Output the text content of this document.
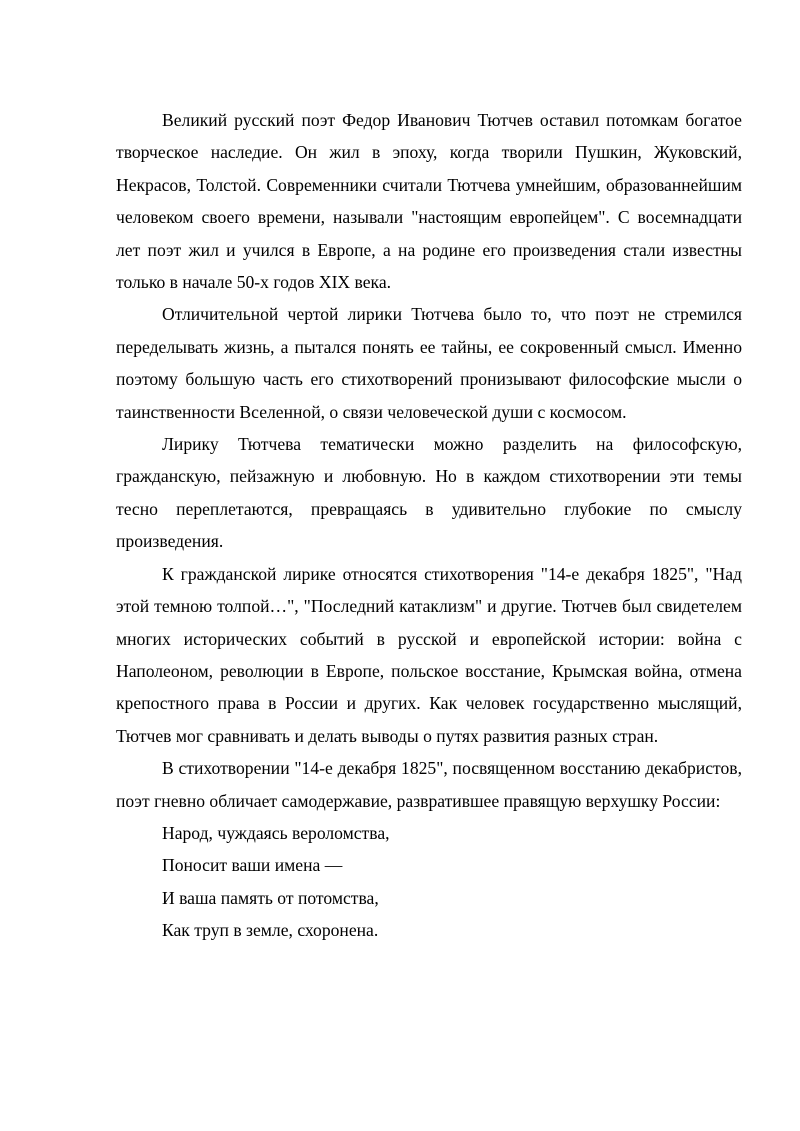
Великий русский поэт Федор Иванович Тютчев оставил потомкам богатое творческое наследие. Он жил в эпоху, когда творили Пушкин, Жуковский, Некрасов, Толстой. Современники считали Тютчева умнейшим, образованнейшим человеком своего времени, называли "настоящим европейцем". С восемнадцати лет поэт жил и учился в Европе, а на родине его произведения стали известны только в начале 50-х годов XIX века.

Отличительной чертой лирики Тютчева было то, что поэт не стремился переделывать жизнь, а пытался понять ее тайны, ее сокровенный смысл. Именно поэтому большую часть его стихотворений пронизывают философские мысли о таинственности Вселенной, о связи человеческой души с космосом.

Лирику Тютчева тематически можно разделить на философскую, гражданскую, пейзажную и любовную. Но в каждом стихотворении эти темы тесно переплетаются, превращаясь в удивительно глубокие по смыслу произведения.

К гражданской лирике относятся стихотворения "14-е декабря 1825", "Над этой темною толпой…", "Последний катаклизм" и другие. Тютчев был свидетелем многих исторических событий в русской и европейской истории: война с Наполеоном, революции в Европе, польское восстание, Крымская война, отмена крепостного права в России и других. Как человек государственно мыслящий, Тютчев мог сравнивать и делать выводы о путях развития разных стран.

В стихотворении "14-е декабря 1825", посвященном восстанию декабристов, поэт гневно обличает самодержавие, развратившее правящую верхушку России:

Народ, чуждаясь вероломства,
Поносит ваши имена —
И ваша память от потомства,
Как труп в земле, схоронена.
